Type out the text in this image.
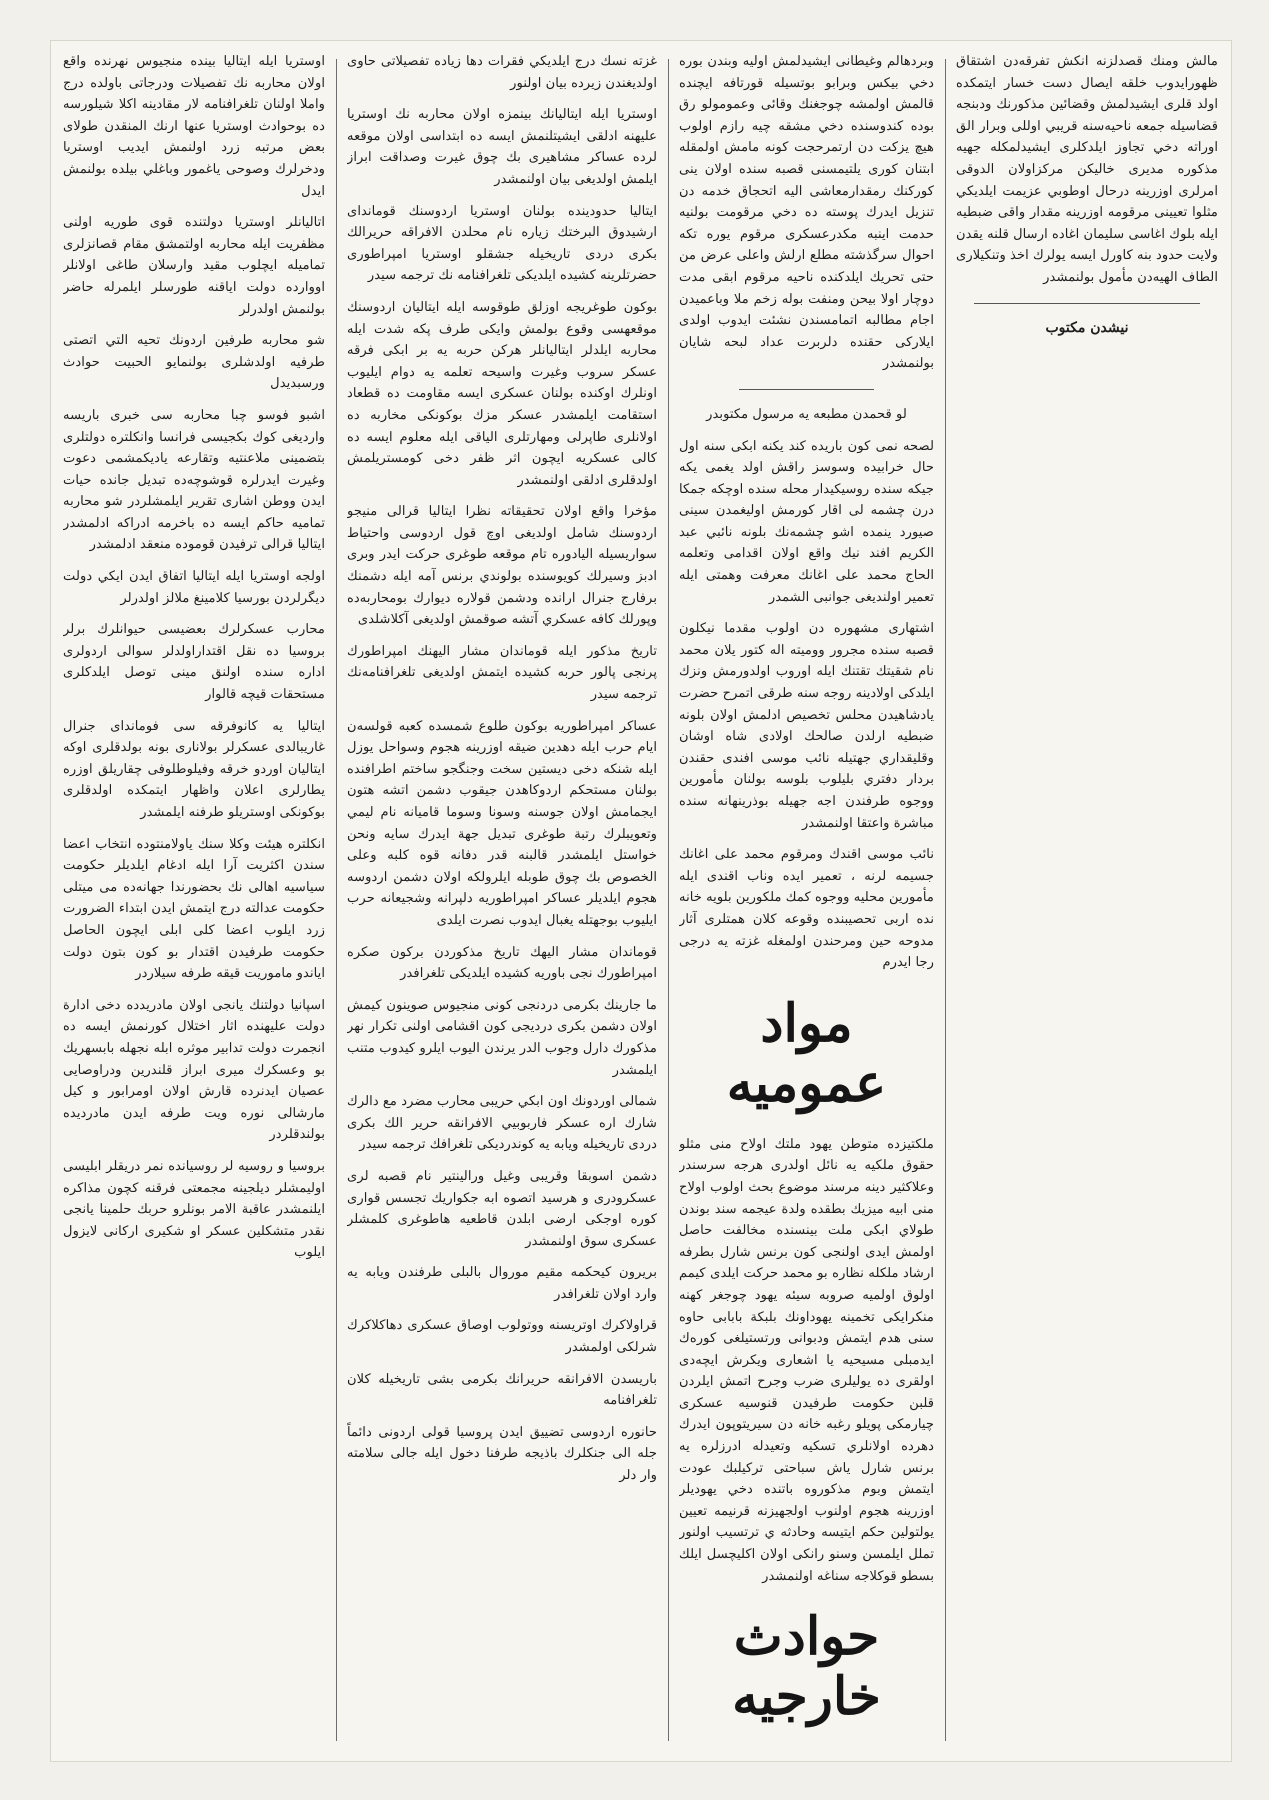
اوستريا ايله ايتاليا بينده منجيوس نهرنده واقع اولان محاربه نك تفصيلات ودرجاتى باولده درج واملا اولنان تلغرافنامه لار مقادينه اكلا شيلورسه ده بوحوادث اوستريا عنها ارنك المنقدن طولاى بعض مرتبه زرد اولنمش ايديب اوستريا ودخرلرك وصوحى ياغمور وباغلي بيلده بولنمش ايدل

اتاليانلر اوستريا دولتنده قوى طوريه اولنى مظفريت ايله محاربه اولتمشق مقام قصانزلرى تماميله ايچلوب مقيد وارسلان طاغى اولانلر اووارده دولت اياقنه طورسلر ايلمرله حاضر بولنمش اولدرلر

شو محاربه طرفين اردونك تحيه التي اتصتى طرفيه اولدشلرى بولنمايو الحبيت حوادث ورسبديدل

اشبو فوسو چبا محاربه سى خبرى باريسه وارديغى كوك بكجيسى فرانسا وانكلتره دولتلرى بتضمينى ملاعنتيه وتقارعه ياديكمشمى دعوت وغيرت ايدرلره قوشوچه‌ده تبديل جانده‌ حيات ايدن ووطن اشارى تقرير ايلمشلردر شو محاربه تماميه حاكم ايسه ده باخرمه ادراكه ادلمشدر ايتاليا قرالى ترفيدن قوموده منعقد ادلمشدر

اولجه اوستريا ايله ايتاليا اتفاق ايدن ايكي دولت ديگرلردن بورسيا كلامينغ ملالز اولدرلر

محارب عسكرلرك بعضيسى حيوانلرك برلر بروسيا ده نقل اقتداراولدلر سوالى اردولرى اداره سنده اولنق مينى توصل ايلدكلرى مستحقات قيچه قالوار

ايتاليا يه كانوفرقه سى فومانداى جنرال غاريبالدى عسكرلر بولانارى بونه بولدقلرى اوكه ايتاليان اوردو خرقه وفيلوطلوفى چقاريلق اوزره يطارلرى اعلان واظهار ايتمكده اولدقلرى بوكونكى اوستريلو طرفنه ايلمشدر

انكلتره هيئت وكلا سنك ياولامنتوده انتخاب اعضا سندن اكثريت آرا ايله ادغام ايلديلر حكومت سياسيه اهالى نك بحضورندا جهانه‌ده مى ميتلى حكومت عدالته درج ايتمش ايدن ابتداء الضرورت زرد ايلوب اعضا كلى ابلى ايچون الحاصل حكومت طرفيدن اقتدار بو كون بتون دولت اياندو ماموريت قيقه طرفه سيلاردر

اسپانيا دولتنك يانجى اولان مادريدده دخى ادارة دولت عليهنده اثار اختلال كورنمش ايسه ده انجمرت دولت تدابير موثره ابله نجهله بابسهريك بو وعسكرك ميرى ابراز قلندرين ودراوصايى عصيان ايدنرده قارش اولان اومرابور و كيل مارشالى نوره ويت طرفه ايدن مادرديده بولندقلردر

بروسيا و روسيه لر روسيانده نمر دريقلر ابليسى اوليمشلر ديلجينه مجمعتى فرقنه كچون مذاكره ايلنمشدر عاقبة الامر بونلرو حربك حلمينا يانجى نقدر متشكلين عسكر او شكيرى اركانى لايزول ايلوب

غزته نسك درج ايلديكي فقرات دها زياده تفصيلاتى حاوى اولديغندن زيرده بيان اولنور

اوستريا ايله ايتاليانك بينمزه اولان محاربه نك اوستريا عليهنه ادلقى ايشيتلنمش ايسه ده ابتداسى اولان موقعه لرده عساكر مشاهيرى بك چوق غيرت وصداقت ابراز ايلمش اولديغى بيان اولنمشدر

ايتاليا حدودينده بولنان اوستريا اردوسنك قومانداى ارشيدوق البرختك زياره نام محلدن الافراقه حريرالك بكرى دردى تاريخيله جشقلو اوستريا امپراطورى حضرتلرينه كشيده ايلديكى تلغرافنامه نك ترجمه سيدر

بوكون طوغريجه اوزلق طوقوسه ايله ايتاليان اردوسنك موقعهسى وقوع بولمش وايكى طرف پكه شدت ايله محاربه ايلدلر ايتاليانلر هركن حربه يه بر ابكى فرقه عسكر سروب وغيرت واسيحه تعلمه يه دوام ايليوب اونلرك اوكنده بولنان عسكرى ايسه مقاومت ده قطعاد استقامت ايلمشدر عسكر مزك بوكونكى مخاربه ده اولانلرى طاپرلى ومهارتلرى الياقى ايله معلوم ايسه ده كالى عسكريه ايچون اثر ظفر دخى كومستريلمش اولدقلرى ادلقى اولنمشدر

مؤخرا واقع اولان تحقيقاته نظرا ايتاليا قرالى منيجو اردوسنك شامل اولديغى اوچ قول اردوسى واحتياط سواريسيله اليادوره تام موقعه طوغرى حركت ايدر وبرى ادبز وسيرلك كويوسنده بولوندي برنس آمه ايله دشمنك برفارج جنرال ارانده ودشمن قولاره ديوارك بومحاربه‌ده وپورلك كافه عسكري آتشه صوقمش اولديغى آكلاشلدى

تاريخ مذكور ايله قوماندان مشار اليهنك امپراطورك پرنجى پالور حربه كشيده ايتمش اولديغى تلغرافنامه‌نك ترجمه سيدر

عساكر امپراطوريه بوكون طلوع شمسده كعبه قولسه‌ن ايام حرب ايله دهدين ضيقه اوزرينه هجوم وسواحل يوزل ايله شنكه دخى ديستين سخت وجنگجو ساختم اطرافنده بولنان مستحكم اردوكاهدن جيقوب دشمن اتشه هتون ايجمامش اولان جوسنه وسونا وسوما قاميانه نام ليمي وتعويبلرك رتبة طوغرى تبديل جهة ايدرك سايه ونحن خواستل ايلمشدر قالبنه قدر دفانه قوه كلبه وعلى الخصوص بك چوق طوبله ايلرولكه اولان دشمن اردوسه هجوم ايلديلر عساكر امپراطوريه دلپرانه وشجيعانه حرب ايليوب بوجهتله يغبال ايدوب نصرت ايلدى

قوماندان مشار اليهك تاريخ مذكوردن بركون صكره امپراطورك نجى باوريه كشيده ايلديكى تلغرافدر

ما جارينك بكرمى دردنجى كونى منجيوس صوينون كيمش اولان دشمن بكرى درديجى كون اقشامى اولنى تكرار نهر مذكورك دارل وجوب الدر يرندن اليوب ايلرو كيدوب متنب ايلمشدر

شمالى اوردونك اون ابكي حريبى محارب مضرد مع دالرك شارك اره عسكر فاربوبيي الافرانقه حرير الك بكرى دردى تاريخيله ويابه يه كوندرديكى تلغرافك ترجمه سيدر

دشمن اسوبقا وقريبى وغيل ورالينتير نام قصبه لرى عسكرودرى و هرسيد اتصوه ابه جكواريك تجسس قوارى كوره اوجكى ارضى ابلدن قاطعيه هاطوغرى كلمشلر عسكرى سوق اولنمشدر

بريرون كيحكمه مقيم موروال بالبلى طرفندن ويابه يه وارد اولان تلغرافدر

قراولاكرك اوتريسنه ووتولوب اوصاق عسكرى دهاكلاكرك شرلكى اولمشدر

باريسدن الافرانقه حريرانك بكرمى بشى تاريخيله كلان تلغرافنامه

حانوره اردوسى تضييق ايدن پروسيا قولى اردونى دائماً جله الى جنكلرك باذيجه طرفنا دخول ايله جالى سلامته وار دلر

وبردهالم وغيطانى ايشيدلمش اوليه وبندن بوره دخي بيكس وبرابو بوتسيله قورتافه ايچنده قالمش اولمشه چوجغنك وقائى وعمومولو رق بوده كندوسنده دخي مشقه چيه رازم اولوب هيچ يزكت دن ارتمرحجت كونه مامش اولمقله ابتنان كورى يلتيمسنى قصبه سنده اولان ينى كوركنك رمقدارمعاشى اليه اتحجاق خدمه دن تنزيل ايدرك پوسته ده دخي مرقومت بولنيه حدمت اينبه مكدرعسكرى مرقوم يوره تكه احوال سرگذشته مطلع ارلش واعلى عرض من حتى تحريك ايلدكنده ناحيه مرقوم ابقى مدت دوچار اولا بيحن ومنفت بوله زخم ملا وباعميدن اجام مطالبه اتمامسندن نشئت ايدوب اولدى ايلاركى حقنده دلربرت عداد لبحه شايان بولنمشدر

لو قحمدن مطبعه يه مرسول مكتوبدر

لصحه نمى كون باريده كند يكنه ابكى سنه اول حال خرابيده وسوسز راقش اولد يغمى يكه جيكه سنده روسيكيدار محله سنده اوچكه جمكا درن چشمه لى اقار كورمش اوليغمدن سينى صيورد ينمده اشو چشمه‌نك بلونه نائبي عبد الكريم افند نيك واقع اولان اقدامى وتعلمه الحاج محمد على اغانك معرفت وهمتى ايله تعمير اولنديغى جوانبى الشمدر

اشتهارى مشهوره دن اولوب مقدما نيكلون قصبه سنده مجرور ووميته اله كتور يلان محمد نام شقيتك تقتنك ايله اوروب اولدورمش ونزك ايلدكى اولادينه روجه سنه طرقى اتمرح حضرت يادشاهيدن محلس تخصيص ادلمش اولان بلونه ضبطيه ارلدن صالحك اولادى شاه اوشان وقليقداري جهتيله نائب موسى افندى حقندن بردار دفتري بليلوب بلوسه بولنان مأمورين ووجوه طرفندن اجه جهيله بوذرينهانه سنده مباشرة واعتقا اولنمشدر

نائب موسى اقندك ومرقوم محمد على اغانك جسيمه لرنه ، تعمير ايده وناب اقندى ايله مأمورين محليه ووجوه كمك ملكورين بلويه خانه نده اربى تحصيبنده وقوعه كلان همتلرى آثار مدوحه حين ومرحندن اولمغله غزته يه درجى رجا ايدرم

مواد عموميه

ملكتيزده متوطن يهود ملتك اولاح منى مثلو حقوق ملكيه ‌يه نائل اولدرى هرجه سرسندر وعلاكثير دينه مرسند موضوع بحث اولوب اولاح منى ابيه ميزيك بطقده ولدة عيجمه سند بوندن طولاي ابكى ملت بينسنده مخالفت حاصل اولمش ايدى اولنجى كون برنس شارل بطرفه ارشاد ملكله نظاره بو محمد حركت ايلدى كيمم اولوق اولميه صروبه سيئه يهود چوجغر كهنه منكرايكى تخمينه يهوداونك بلبكة بابابى حاوه سنى هدم ايتمش ودبوانى ورتستيلغى كوره‌ك ايدمبلى مسيحيه يا اشعارى ويكرش ايچه‌دى اولقرى ده يوليلرى ضرب وجرح اتمش ايلردن قلبن حكومت طرفيدن قنوسيه عسكرى چيارمكى پويلو رغبه خانه دن سيريتوپون ايدرك دهرده اولانلري تسكيه وتعيدله ادرزلره يه برنس شارل ياش سباحتى تركيلبك عودت ايتمش وبوم مذكوروه باتنده دخي يهوديلر اوزرينه هجوم اولنوب اولجهيزنه قرنيمه تعيين يولتولين حكم ايتيسه وحادثه ‌ي ترتسيب اولنور تملل ايلمسن وسنو رانكى اولان اكليچسل ايلك بسطو قوكلاجه سناغه اولنمشدر

حوادث خارجيه

مالش ومنك قصدلزنه انكش تفرقه‌دن اشتقاق ظهورايدوب خلقه ايصال دست خسار ايتمكده اولد قلرى ايشيدلمش وقضائين مذكورنك ودبنجه قضاسيله جمعه ناحيه‌سنه قريبي اوللى وبرار الق اوراته دخي تجاوز ايلدكلرى ايشيدلمكله جهيه مذكوره مديرى خاليكن مركزاولان الدوقى امرلرى اوزرينه درحال اوطوبي عزيمت ايلديكي مثلوا تعيينى مرقومه اوزرينه مقدار واقى ضبطيه ايله بلوك اغاسى سليمان اغاده ارسال قلنه يقدن ولايت حدود بنه كاورل ايسه يولرك اخذ وتنكيلارى الطاف الهيه‌دن مأمول بولنمشدر

نيشدن مكتوب
